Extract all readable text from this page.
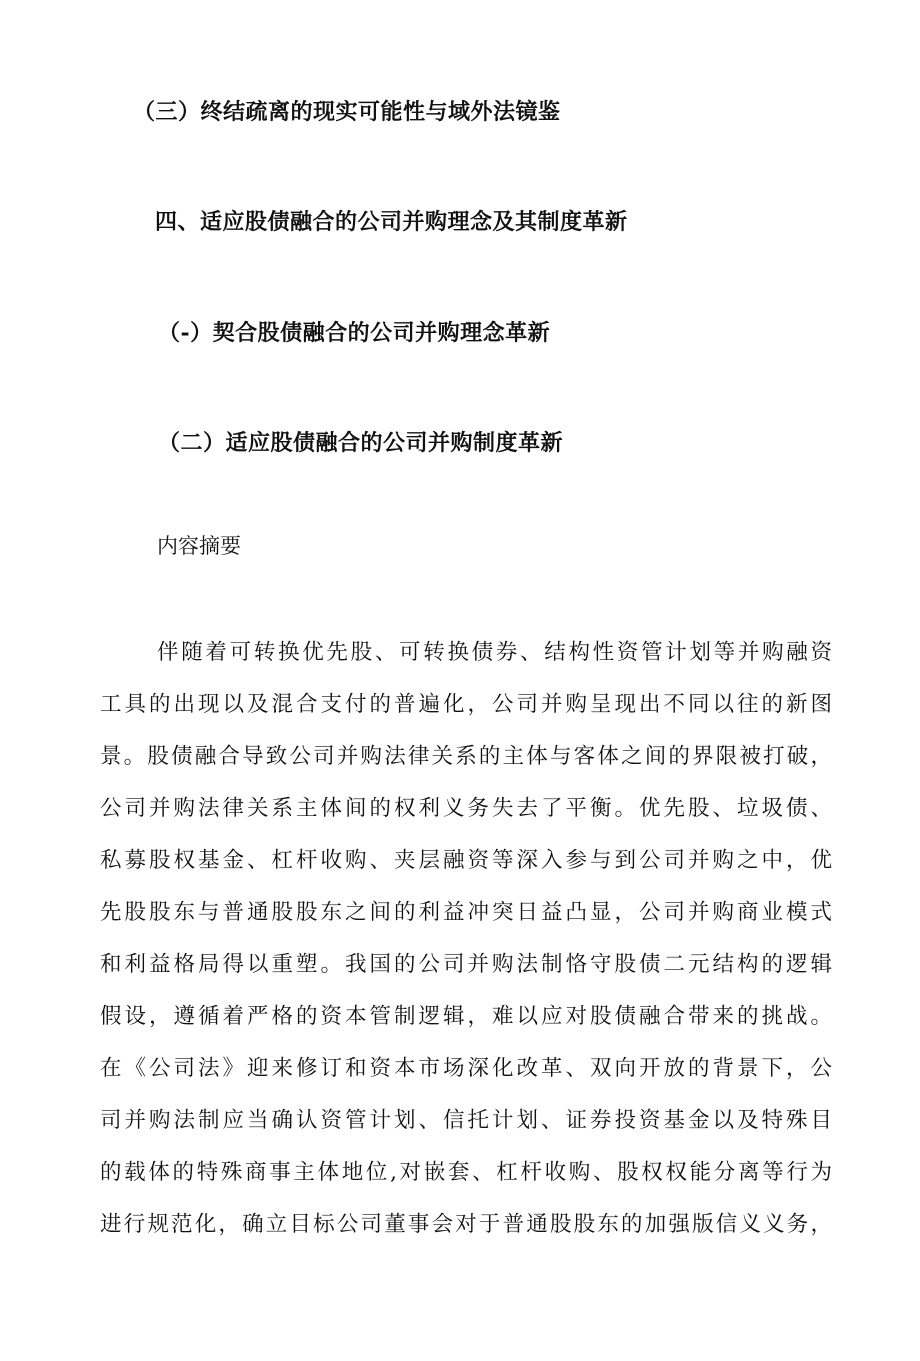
（三）终结疏离的现实可能性与域外法镜鉴
四、适应股债融合的公司并购理念及其制度革新
（-）契合股债融合的公司并购理念革新
（二）适应股债融合的公司并购制度革新

内容摘要

伴随着可转换优先股、可转换债券、结构性资管计划等并购融资
工具的出现以及混合支付的普遍化，公司并购呈现出不同以往的新图
景。股债融合导致公司并购法律关系的主体与客体之间的界限被打破，
公司并购法律关系主体间的权利义务失去了平衡。优先股、垃圾债、
私募股权基金、杠杆收购、夹层融资等深入参与到公司并购之中，优
先股股东与普通股股东之间的利益冲突日益凸显，公司并购商业模式
和利益格局得以重塑。我国的公司并购法制恪守股债二元结构的逻辑
假设，遵循着严格的资本管制逻辑，难以应对股债融合带来的挑战。
在《公司法》迎来修订和资本市场深化改革、双向开放的背景下，公
司并购法制应当确认资管计划、信托计划、证券投资基金以及特殊目
的载体的特殊商事主体地位,对嵌套、杠杆收购、股权权能分离等行为
进行规范化，确立目标公司董事会对于普通股股东的加强版信义义务，
